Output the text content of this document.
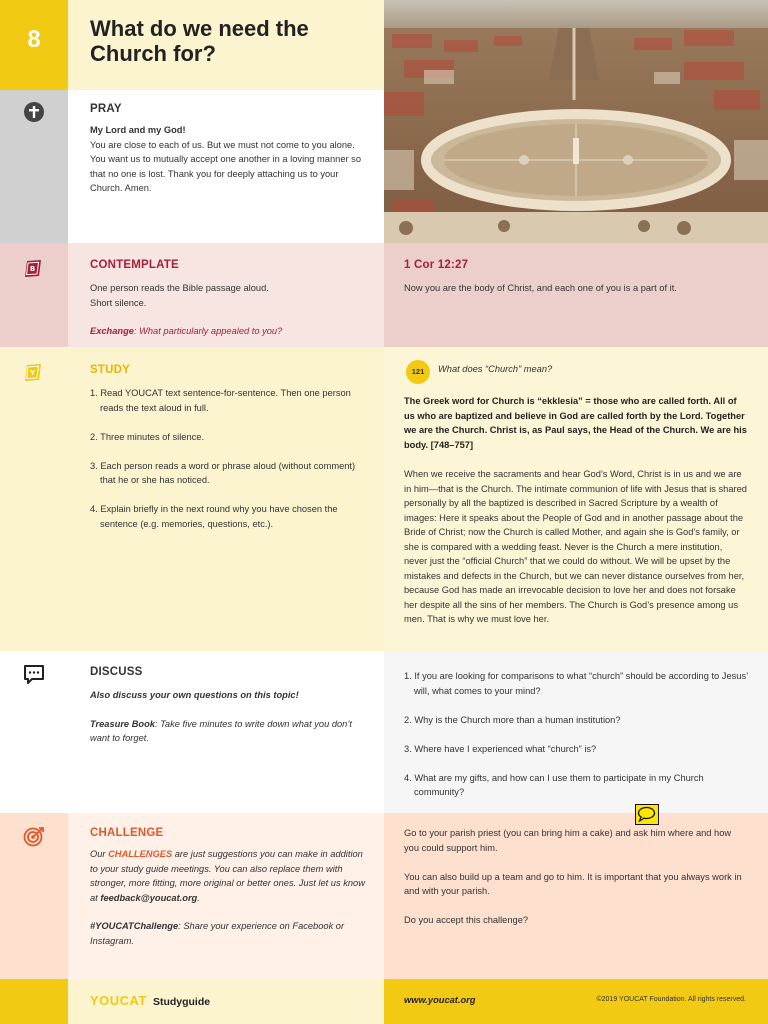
8	What do we need the Church for?
PRAY
My Lord and my God!
You are close to each of us. But we must not come to you alone. You want us to mutually accept one another in a loving manner so that no one is lost. Thank you for deeply attaching us to your Church. Amen.
B	CONTEMPLATE
One person reads the Bible passage aloud.
Short silence.
Exchange: What particularly appealed to you?
1 Cor 12:27
Now you are the body of Christ, and each one of you is a part of it.
Y	STUDY
1. Read YOUCAT text sentence-for-sentence. Then one person reads the text aloud in full.
2. Three minutes of silence.
3. Each person reads a word or phrase aloud (without comment) that he or she has noticed.
4. Explain briefly in the next round why you have chosen the sentence (e.g. memories, questions, etc.).
121	What does “Church” mean?
The Greek word for Church is “ekklesia” = those who are called forth. All of us who are baptized and believe in God are called forth by the Lord. Together we are the Church. Christ is, as Paul says, the Head of the Church. We are his body. [748–757]
When we receive the sacraments and hear God’s Word, Christ is in us and we are in him—that is the Church. The intimate communion of life with Jesus that is shared personally by all the baptized is described in Sacred Scripture by a wealth of images: Here it speaks about the People of God and in another passage about the Bride of Christ; now the Church is called Mother, and again she is God’s family, or she is compared with a wedding feast. Never is the Church a mere institution, never just the “official Church” that we could do without. We will be upset by the mistakes and defects in the Church, but we can never distance ourselves from her, because God has made an irrevocable decision to love her and does not forsake her despite all the sins of her members. The Church is God’s presence among us men. That is why we must love her.
DISCUSS
Also discuss your own questions on this topic!
Treasure Book: Take five minutes to write down what you don’t want to forget.
1. If you are looking for comparisons to what “church” should be according to Jesus’ will, what comes to your mind?
2. Why is the Church more than a human institution?
3. Where have I experienced what “church” is?
4. What are my gifts, and how can I use them to participate in my Church community?
CHALLENGE

Our CHALLENGES are just suggestions you can make in addition to your study guide meetings. You can also replace them with stronger, more fitting, more original or better ones. Just let us know at feedback@youcat.org.

#YOUCATChallenge: Share your experience on Facebook or Instagram.

Go to your parish priest (you can bring him a cake) and ask him where and how you could support him.

You can also build up a team and go to him. It is important that you always work in and with your parish.

Do you accept this challenge?

YOUCAT Studyguide	www.youcat.org	©2019 YOUCAT Foundation. All rights reserved.
